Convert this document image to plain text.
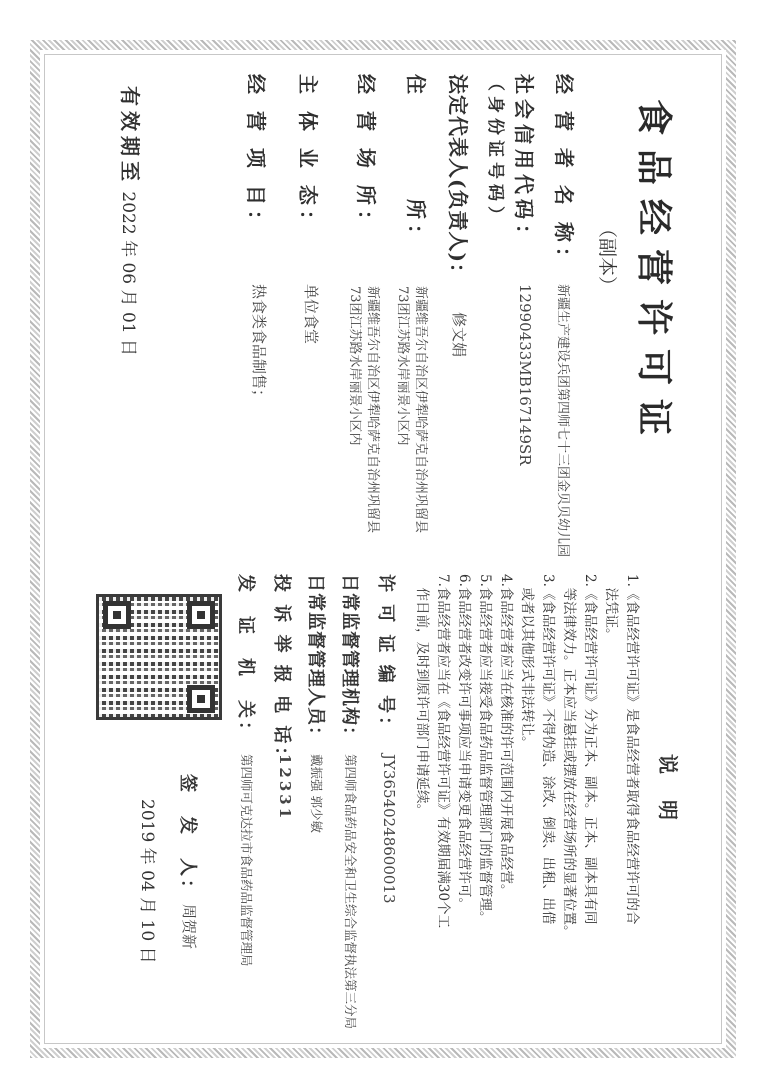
食品经营许可证
（副本）
经 营 者 名 称：
新疆生产建设兵团第四师七十三团金贝贝幼儿园
社会信用代码：
（身份证号码）
12990433MB167149SR
法定代表人(负责人)：
修文娟
住　　　　所：
新疆维吾尔自治区伊犁哈萨克自治州巩留县
73团江苏路水岸丽景小区内
经 营 场 所：
新疆维吾尔自治区伊犁哈萨克自治州巩留县
73团江苏路水岸丽景小区内
主 体 业 态：
单位食堂
经 营 项 目：
热食类食品制售；
有效期至 2022 年 06 月 01 日
说明
1.《食品经营许可证》是食品经营者取得食品经营许可的合
　法凭证。
2.《食品经营许可证》分为正本、副本。正本、副本具有同
　等法律效力。正本应当悬挂或摆放在经营场所的显著位置。
3.《食品经营许可证》不得伪造、涂改、倒卖、出租、出借
　或者以其他形式非法转让。
4.食品经营者应当在核准的许可范围内开展食品经营。
5.食品经营者应当接受食品药品监督管理部门的监督管理。
6.食品经营者改变许可事项应当申请变更食品经营许可。
7.食品经营者应当在《食品经营许可证》有效期届满30个工
　作日前，及时到原许可部门申请延续。
许 可 证 编 号：
JY36540248600013
日常监督管理机构：
第四师食品药品安全和卫生综合监督执法第三分局
日常监督管理人员：
戴振强 郭少敏
投 诉 举 报 电 话：
12331
发　证　机　关：
第四师可克达拉市食品药品监督管理局
签　发　人：
周贺新
2019 年 04 月 10 日
